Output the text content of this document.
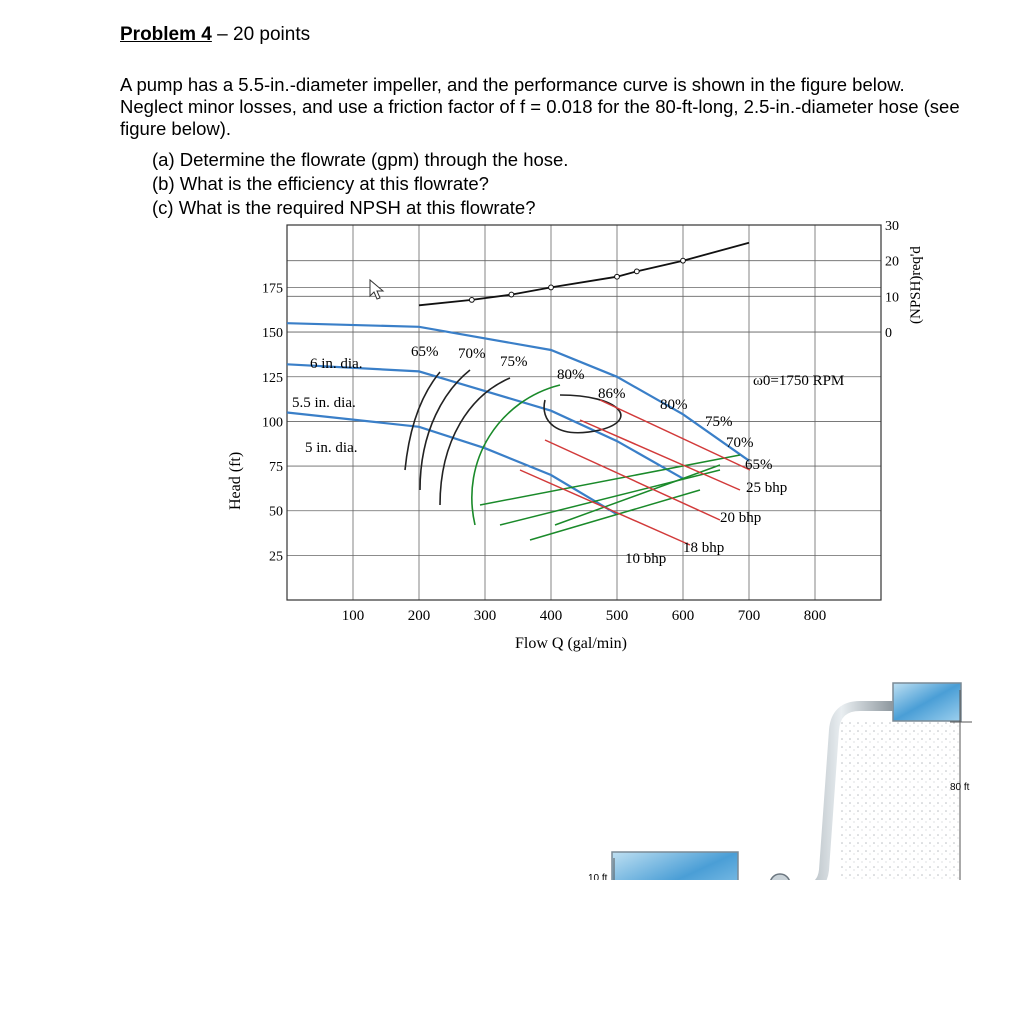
Problem 4 – 20 points
A pump has a 5.5-in.-diameter impeller, and the performance curve is shown in the figure below. Neglect minor losses, and use a friction factor of f = 0.018 for the 80-ft-long, 2.5-in.-diameter hose (see figure below).
(a) Determine the flowrate (gpm) through the hose.
(b) What is the efficiency at this flowrate?
(c) What is the required NPSH at this flowrate?
100	200	300	400	500	600	700	800
175
150
125
100
75
50
25
30
20
10
0
6 in. dia.
5.5 in. dia.
5 in. dia.
65% 70% 75%
80%
86%
80%
75%
70%
65%
25 bhp
20 bhp
18 bhp
10 bhp
ω0=1750 RPM
Flow Q (gal/min)
Head (ft)
(NPSH)req'd
80 ft
10 ft
